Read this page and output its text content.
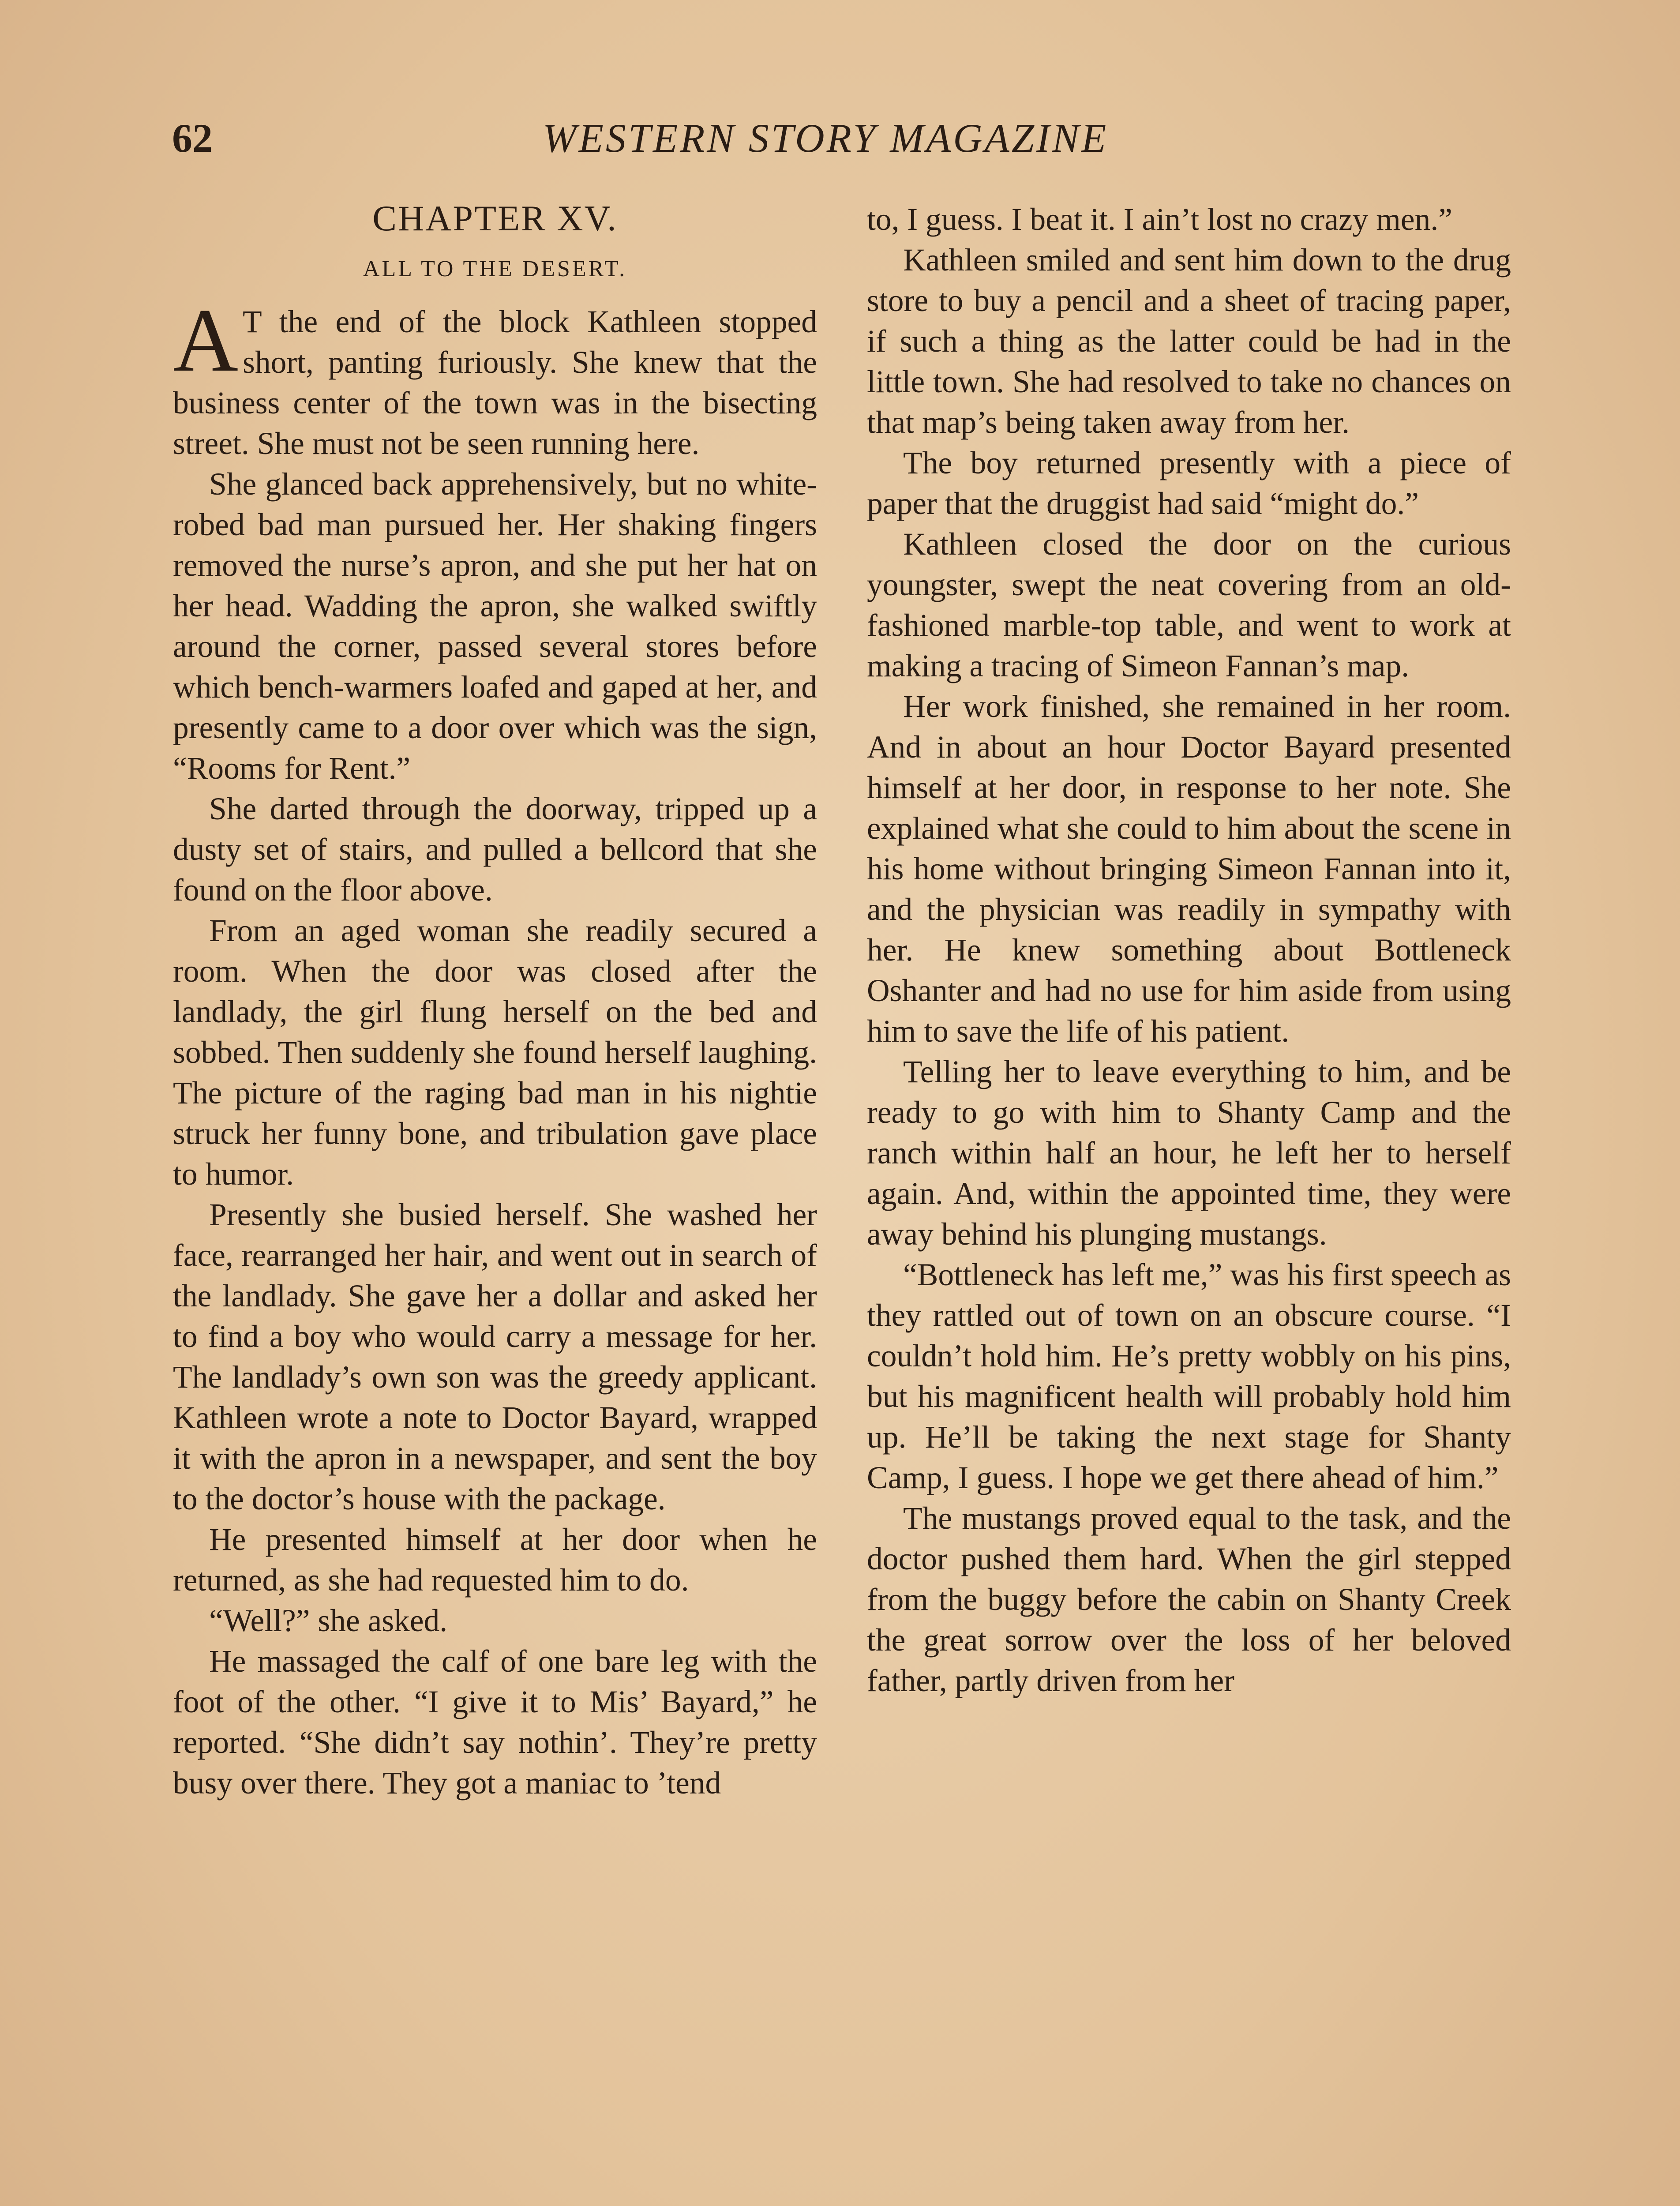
62	WESTERN STORY MAGAZINE
CHAPTER XV.
ALL TO THE DESERT.

A T the end of the block Kathleen stopped short, panting furiously. She knew that the business center of the town was in the bisecting street. She must not be seen running here.

She glanced back apprehensively, but no white-robed bad man pursued her. Her shaking fingers removed the nurse’s apron, and she put her hat on her head. Wadding the apron, she walked swiftly around the corner, passed several stores before which bench-warmers loafed and gaped at her, and presently came to a door over which was the sign, “Rooms for Rent.”

She darted through the doorway, tripped up a dusty set of stairs, and pulled a bellcord that she found on the floor above.

From an aged woman she readily secured a room. When the door was closed after the landlady, the girl flung herself on the bed and sobbed. Then suddenly she found herself laughing. The picture of the raging bad man in his nightie struck her funny bone, and tribulation gave place to humor.

Presently she busied herself. She washed her face, rearranged her hair, and went out in search of the landlady. She gave her a dollar and asked her to find a boy who would carry a message for her. The landlady’s own son was the greedy applicant. Kathleen wrote a note to Doctor Bayard, wrapped it with the apron in a newspaper, and sent the boy to the doctor’s house with the package.

He presented himself at her door when he returned, as she had requested him to do.

“Well?” she asked.

He massaged the calf of one bare leg with the foot of the other. “I give it to Mis’ Bayard,” he reported. “She didn’t say nothin’. They’re pretty busy over there. They got a maniac to ’tend

to, I guess. I beat it. I ain’t lost no crazy men.”

Kathleen smiled and sent him down to the drug store to buy a pencil and a sheet of tracing paper, if such a thing as the latter could be had in the little town. She had resolved to take no chances on that map’s being taken away from her.

The boy returned presently with a piece of paper that the druggist had said “might do.”

Kathleen closed the door on the curious youngster, swept the neat covering from an old-fashioned marble-top table, and went to work at making a tracing of Simeon Fannan’s map.

Her work finished, she remained in her room. And in about an hour Doctor Bayard presented himself at her door, in response to her note. She explained what she could to him about the scene in his home without bringing Simeon Fannan into it, and the physician was readily in sympathy with her. He knew something about Bottleneck Oshanter and had no use for him aside from using him to save the life of his patient.

Telling her to leave everything to him, and be ready to go with him to Shanty Camp and the ranch within half an hour, he left her to herself again. And, within the appointed time, they were away behind his plunging mustangs.

“Bottleneck has left me,” was his first speech as they rattled out of town on an obscure course. “I couldn’t hold him. He’s pretty wobbly on his pins, but his magnificent health will probably hold him up. He’ll be taking the next stage for Shanty Camp, I guess. I hope we get there ahead of him.”

The mustangs proved equal to the task, and the doctor pushed them hard. When the girl stepped from the buggy before the cabin on Shanty Creek the great sorrow over the loss of her beloved father, partly driven from her
